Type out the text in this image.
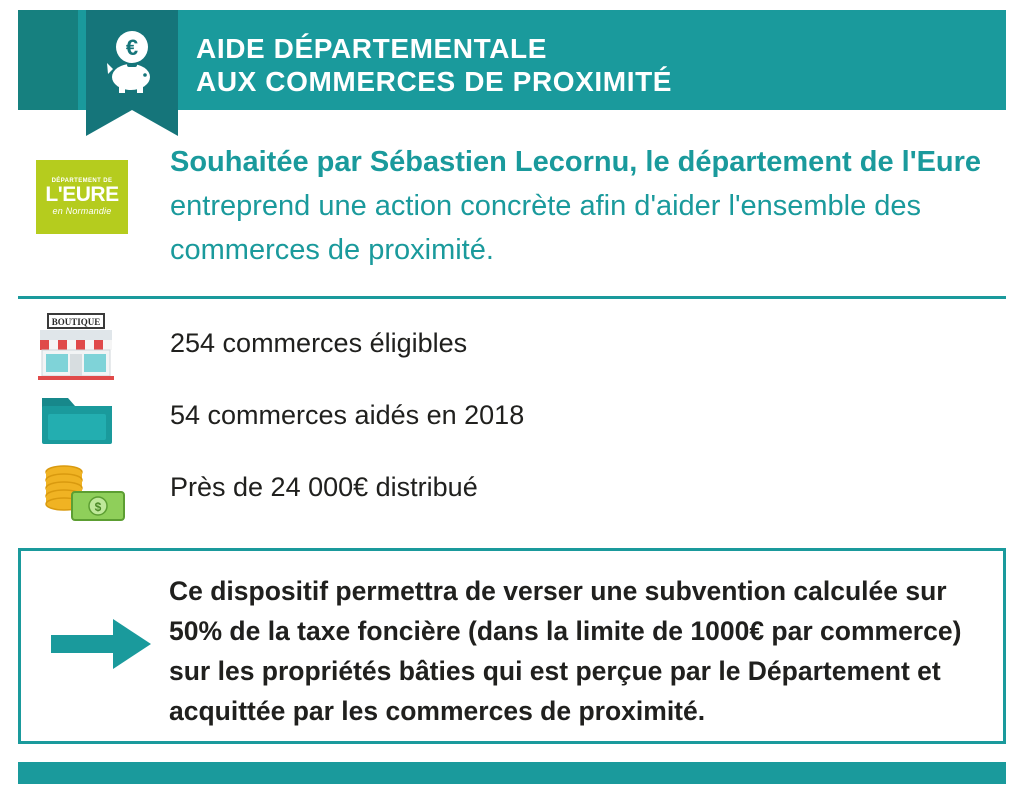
€ AIDE DÉPARTEMENTALE
AUX COMMERCES DE PROXIMITÉ
DÉPARTEMENT DE
L'EURE
en Normandie
Souhaitée par Sébastien Lecornu, le département de l'Eure entreprend une action concrète afin d'aider l'ensemble des commerces de proximité.
BOUTIQUE
254 commerces éligibles
54 commerces aidés en 2018
$
Près de 24 000€ distribué
Ce dispositif permettra de verser une subvention calculée sur 50% de la taxe foncière (dans la limite de 1000€ par commerce) sur les propriétés bâties qui est perçue par le Département et acquittée par les commerces de proximité.
